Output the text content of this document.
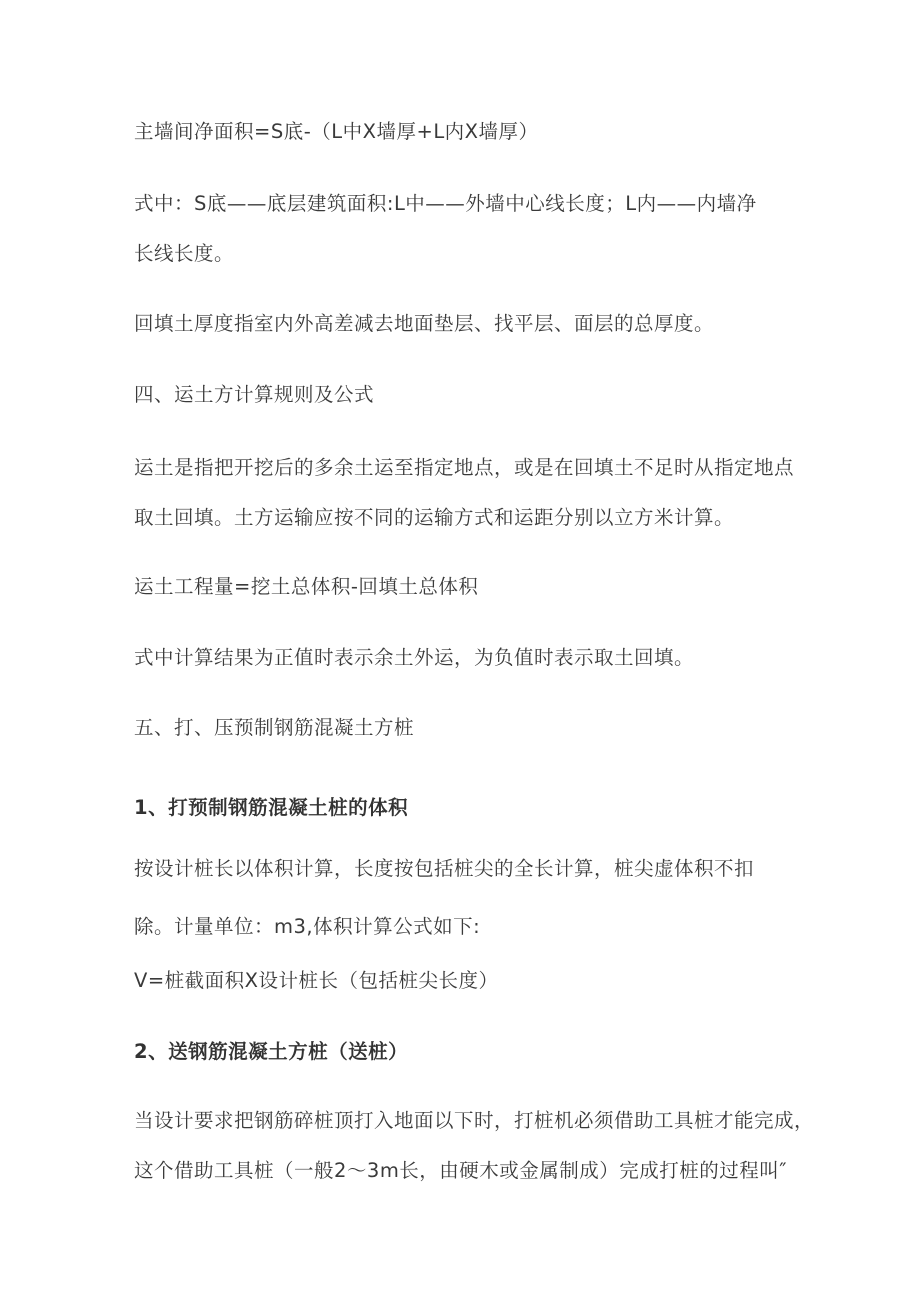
主墙间净面积=S底-（L中X墙厚+L内X墙厚）
式中：S底——底层建筑面积:L中——外墙中心线长度；L内——内墙净
长线长度。
回填土厚度指室内外高差减去地面垫层、找平层、面层的总厚度。
四、运土方计算规则及公式
运土是指把开挖后的多余土运至指定地点，或是在回填土不足时从指定地点
取土回填。土方运输应按不同的运输方式和运距分别以立方米计算。
运土工程量=挖土总体积-回填土总体积
式中计算结果为正值时表示余土外运，为负值时表示取土回填。
五、打、压预制钢筋混凝土方桩
1、打预制钢筋混凝土桩的体积
按设计桩长以体积计算，长度按包括桩尖的全长计算，桩尖虚体积不扣
除。计量单位：m3,体积计算公式如下:
V=桩截面积X设计桩长（包括桩尖长度）
2、送钢筋混凝土方桩（送桩）
当设计要求把钢筋碎桩顶打入地面以下时，打桩机必须借助工具桩才能完成，
这个借助工具桩（一般2〜3m长，由硬木或金属制成）完成打桩的过程叫″
